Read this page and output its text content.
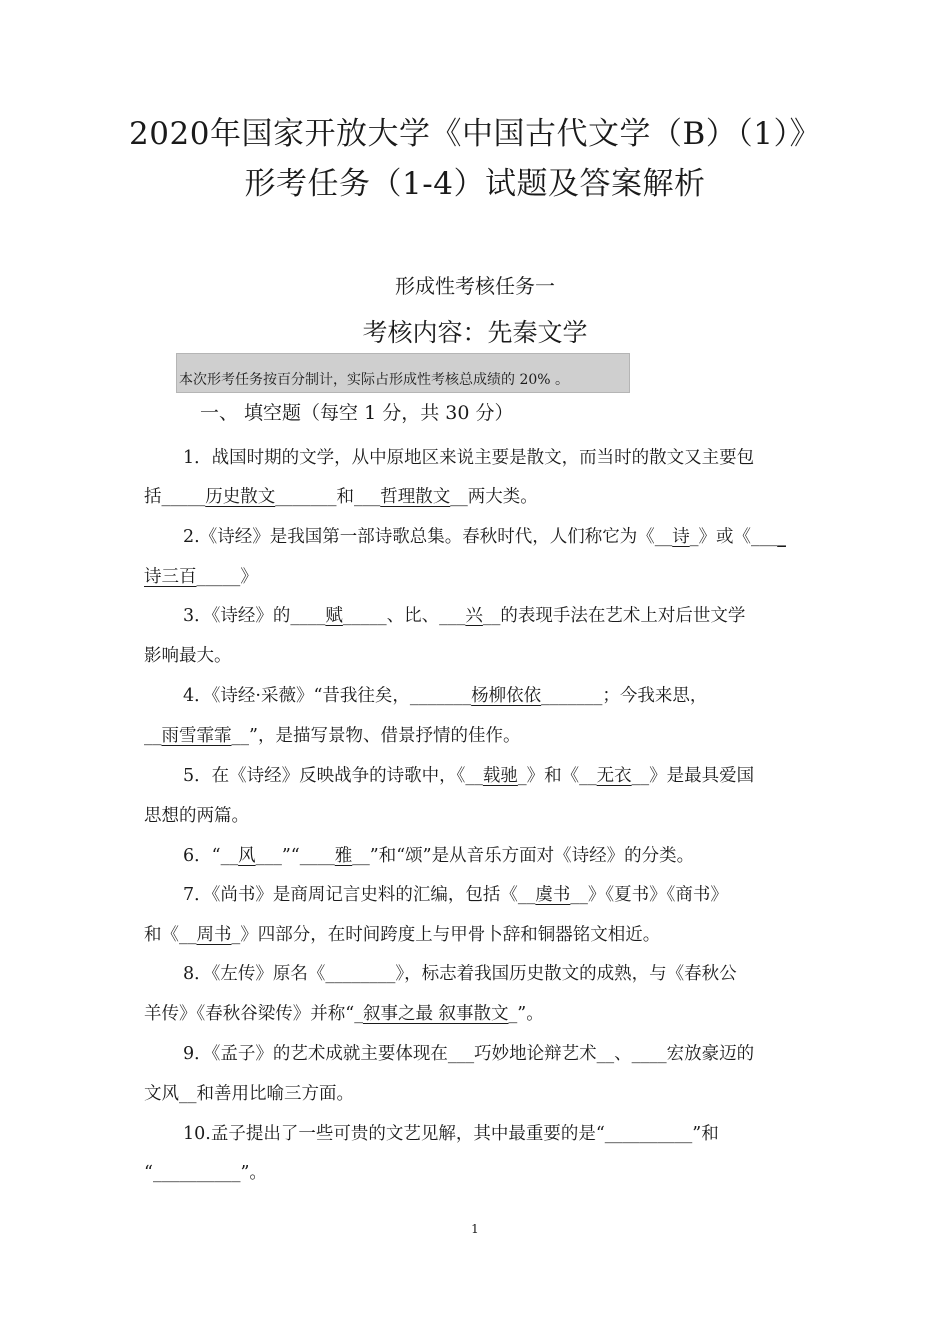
2020年国家开放大学《中国古代文学（B）（1）》
形考任务（1-4）试题及答案解析
形成性考核任务一
考核内容：先秦文学
本次形考任务按百分制计，实际占形成性考核总成绩的 20% 。
一、 填空题（每空 1 分，共 30 分）
1．战国时期的文学，从中原地区来说主要是散文，而当时的散文又主要包
括_____历史散文_______和___哲理散文__两大类。
2.《诗经》是我国第一部诗歌总集。春秋时代，人们称它为《__诗_》或《____
诗三百_____》
3．《诗经》的____赋_____、比、___兴__的表现手法在艺术上对后世文学
影响最大。
4．《诗经·采薇》“昔我往矣，_______杨柳依依_______；今我来思，
__雨雪霏霏__”，是描写景物、借景抒情的佳作。
5．在《诗经》反映战争的诗歌中，《__载驰_》和《__无衣__》是最具爱国
思想的两篇。
6．“__风___”“____雅__”和“颂”是从音乐方面对《诗经》的分类。
7．《尚书》是商周记言史料的汇编，包括《__虞书__》《夏书》《商书》
和《__周书_》四部分，在时间跨度上与甲骨卜辞和铜器铭文相近。
8．《左传》原名《________》，标志着我国历史散文的成熟，与《春秋公
羊传》《春秋谷梁传》并称“_叙事之最 叙事散文_”。
9．《孟子》的艺术成就主要体现在___巧妙地论辩艺术__、____宏放豪迈的
文风__和善用比喻三方面。
10.孟子提出了一些可贵的文艺见解，其中最重要的是“__________”和
“__________”。
1
